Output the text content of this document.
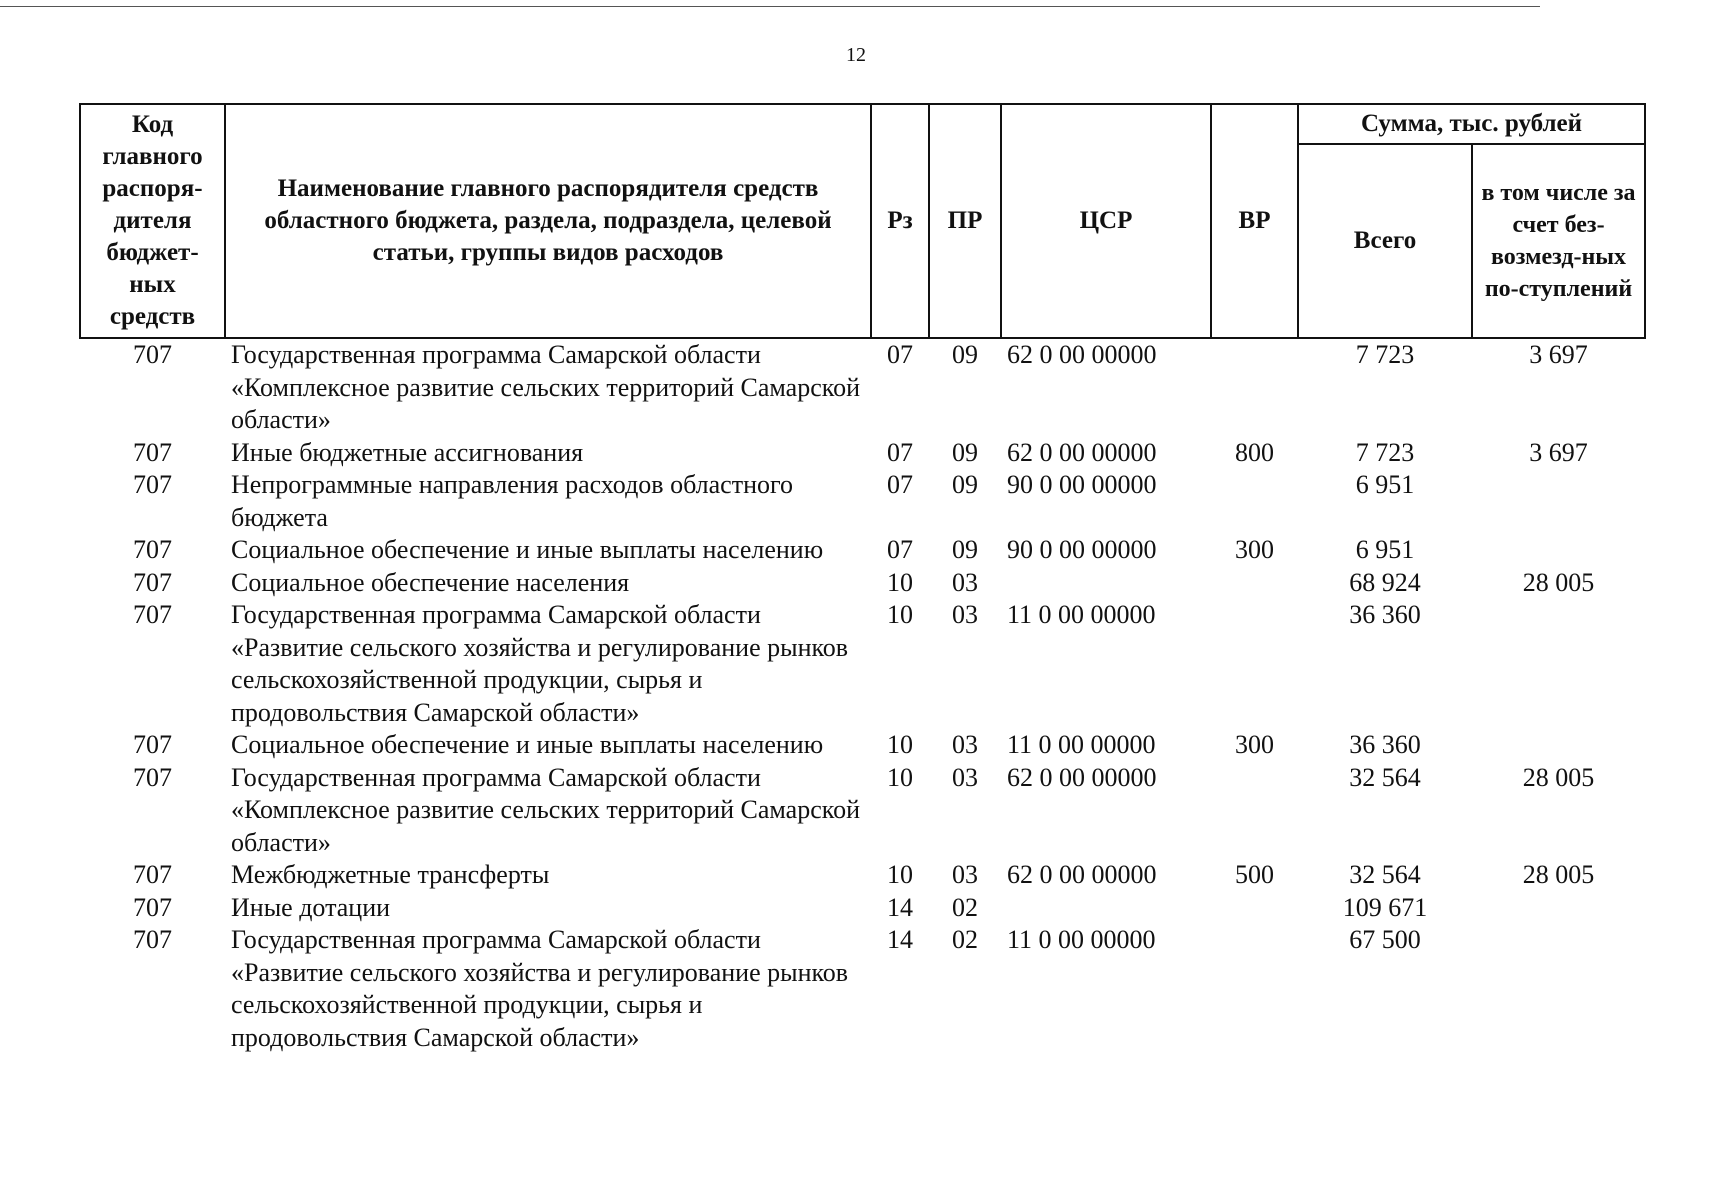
12
Код главного распоря-дителя бюджет-ных средств	Наименование главного распорядителя средств областного бюджета, раздела, подраздела, целевой статьи, группы видов расходов	Рз	ПР	ЦСР	ВР	Сумма, тыс. рублей	
						Всего	в том числе за счет без-возмезд-ных по-ступлений
707	Государственная программа Самарской области «Комплексное развитие сельских территорий Самарской области»	07	09	62 0 00 00000		7 723	3 697
707	Иные бюджетные ассигнования	07	09	62 0 00 00000	800	7 723	3 697
707	Непрограммные направления расходов областного бюджета	07	09	90 0 00 00000		6 951	
707	Социальное обеспечение и иные выплаты населению	07	09	90 0 00 00000	300	6 951	
707	Социальное обеспечение населения	10	03			68 924	28 005
707	Государственная программа Самарской области «Развитие сельского хозяйства и регулирование рынков сельскохозяйственной продукции, сырья и продовольствия Самарской области»	10	03	11 0 00 00000		36 360	
707	Социальное обеспечение и иные выплаты населению	10	03	11 0 00 00000	300	36 360	
707	Государственная программа Самарской области «Комплексное развитие сельских территорий Самарской области»	10	03	62 0 00 00000		32 564	28 005
707	Межбюджетные трансферты	10	03	62 0 00 00000	500	32 564	28 005
707	Иные дотации	14	02			109 671	
707	Государственная программа Самарской области «Развитие сельского хозяйства и регулирование рынков сельскохозяйственной продукции, сырья и продовольствия Самарской области»	14	02	11 0 00 00000		67 500	
